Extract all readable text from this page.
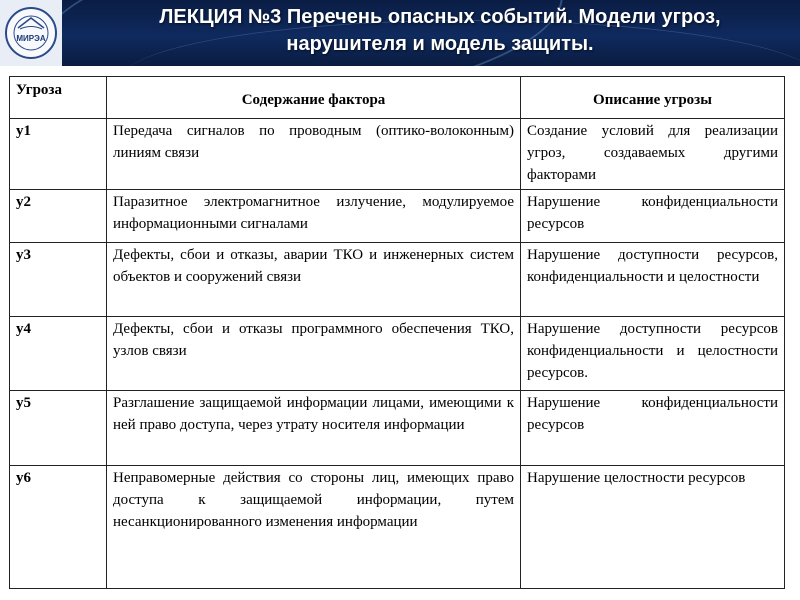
МИРЭА
ЛЕКЦИЯ №3 Перечень опасных событий. Модели угроз,
нарушителя и модель защиты.
Угроза	Содержание фактора	Описание угрозы
у1	Передача сигналов по проводным (оптико-волоконным) линиям связи	Создание условий для реализации угроз, создаваемых другими факторами
у2	Паразитное электромагнитное излучение, модулируемое информационными сигналами	Нарушение конфиденциальности ресурсов
у3	Дефекты, сбои и отказы, аварии ТКО и инженерных систем объектов и сооружений связи	Нарушение доступности ресурсов, конфиденциальности и целостности
у4	Дефекты, сбои и отказы программного обеспечения ТКО, узлов связи	Нарушение доступности ресурсов конфиденциальности и целостности ресурсов.
у5	Разглашение защищаемой информации лицами, имеющими к ней право доступа, через утрату носителя информации	Нарушение конфиденциальности ресурсов
у6	Неправомерные действия со стороны лиц, имеющих право доступа к защищаемой информации, путем несанкционированного изменения информации	Нарушение целостности ресурсов
